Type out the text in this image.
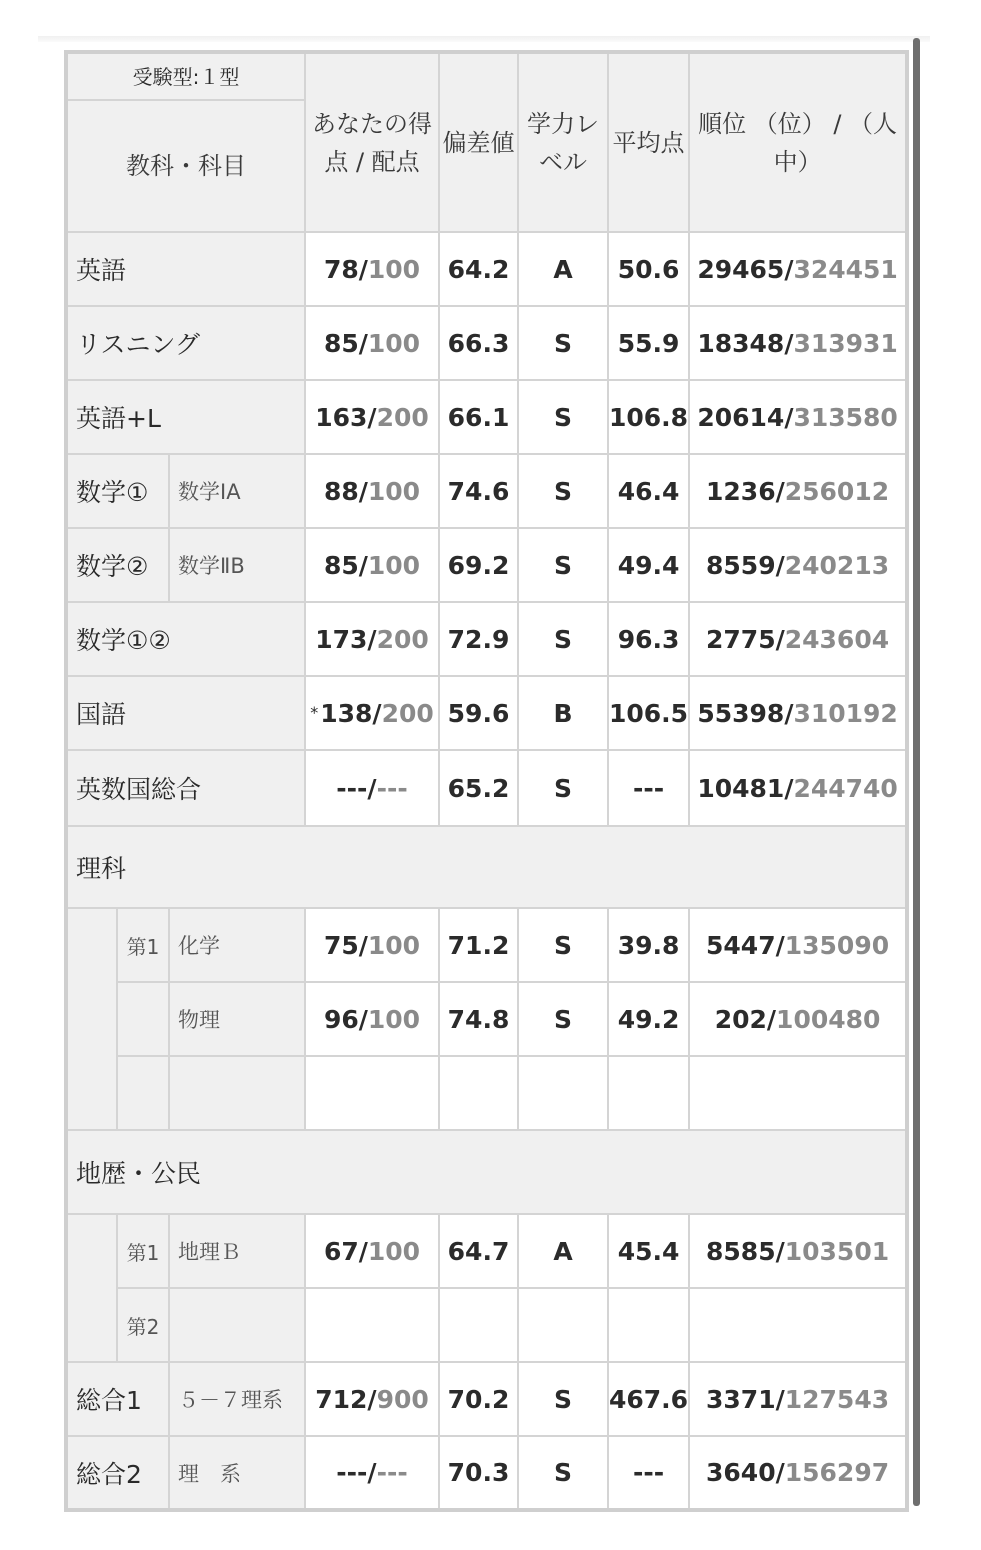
受験型:１型			あなたの得点 / 配点	偏差値	学力レベル	平均点	順位 （位） / （人中）
教科・科目							
英語			78/100	64.2	A	50.6	29465/324451
リスニング			85/100	66.3	S	55.9	18348/313931
英語+L			163/200	66.1	S	106.8	20614/313580
数学①		数学ⅠA	88/100	74.6	S	46.4	1236/256012
数学②		数学ⅡB	85/100	69.2	S	49.4	8559/240213
数学①②			173/200	72.9	S	96.3	2775/243604
国語			*138/200	59.6	B	106.5	55398/310192
英数国総合			---/---	65.2	S	---	10481/244740
理科							
	第1	化学	75/100	71.2	S	39.8	5447/135090
		物理	96/100	74.8	S	49.2	202/100480

地歴・公民							
	第1	地理Ｂ	67/100	64.7	A	45.4	8585/103501
	第2						
総合1		５－７理系	712/900	70.2	S	467.6	3371/127543
総合2		理　系	---/---	70.3	S	---	3640/156297
